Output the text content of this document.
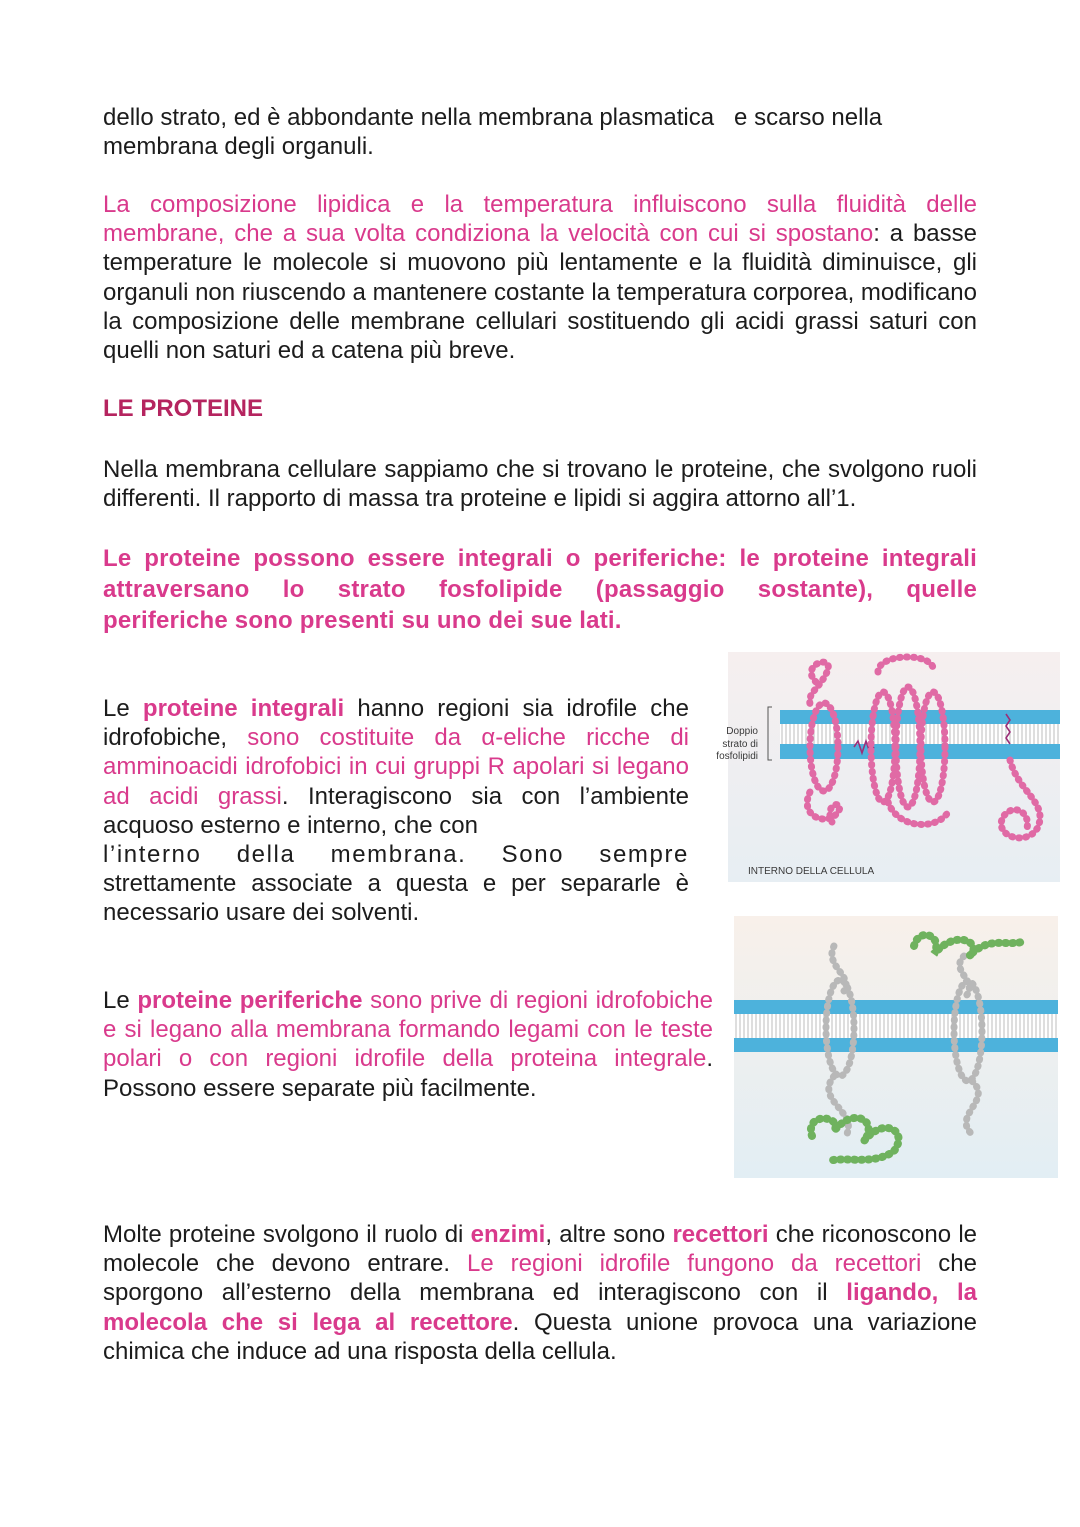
dello strato, ed è abbondante nella membrana plasmatica   e scarso nella
membrana degli organuli.

La composizione lipidica e la temperatura influiscono sulla fluidità delle membrane, che a sua volta condiziona la velocità con cui si spostano: a basse temperature le molecole si muovono più lentamente e la fluidità diminuisce, gli organuli non riuscendo a mantenere costante la temperatura corporea, modificano la composizione delle membrane cellulari sostituendo gli acidi grassi saturi con quelli non saturi ed a catena più breve.

LE PROTEINE

Nella membrana cellulare sappiamo che si trovano le proteine, che svolgono ruoli differenti. Il rapporto di massa tra proteine e lipidi si aggira attorno all’1.

Le proteine possono essere integrali o periferiche: le proteine integrali
attraversano lo strato fosfolipide (passaggio sostante), quelle
periferiche sono presenti su uno dei sue lati.

Le proteine integrali hanno regioni sia idrofile che idrofobiche, sono costituite da α-eliche ricche di amminoacidi idrofobici in cui gruppi R apolari si legano ad acidi grassi. Interagiscono sia con l’ambiente acquoso esterno e interno, che con
l’interno della membrana. Sono sempre
strettamente associate a questa e per separarle è necessario usare dei solventi.

Doppio
strato di
fosfolipidi
INTERNO DELLA CELLULA

Le proteine periferiche sono prive di regioni idrofobiche e si legano alla membrana formando legami con le teste polari o con regioni idrofile della proteina integrale. Possono essere separate più facilmente.

Molte proteine svolgono il ruolo di enzimi, altre sono recettori che riconoscono le molecole che devono entrare. Le regioni idrofile fungono da recettori che sporgono all’esterno della membrana ed interagiscono con il ligando, la molecola che si lega al recettore. Questa unione provoca una variazione chimica che induce ad una risposta della cellula.
